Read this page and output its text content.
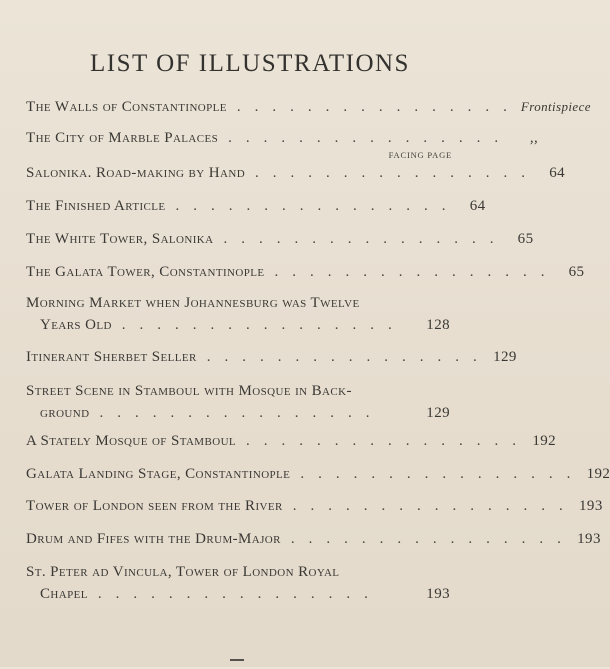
LIST OF ILLUSTRATIONS
FACING PAGE
The Walls of Constantinople ................ Frontispiece
The City of Marble Palaces ................	,,
Salonika. Road-making by Hand ................ 64
The Finished Article ................ 64
The White Tower, Salonika ................ 65
The Galata Tower, Constantinople ................ 65
Morning Market when Johannesburg was Twelve
Years Old ................	128
Itinerant Sherbet Seller ................ 129
Street Scene in Stamboul with Mosque in Back-
ground ................	129
A Stately Mosque of Stamboul ................ 192
Galata Landing Stage, Constantinople ................ 192
Tower of London seen from the River ................ 193
Drum and Fifes with the Drum-Major ................ 193
St. Peter ad Vincula, Tower of London Royal
Chapel ................	193
